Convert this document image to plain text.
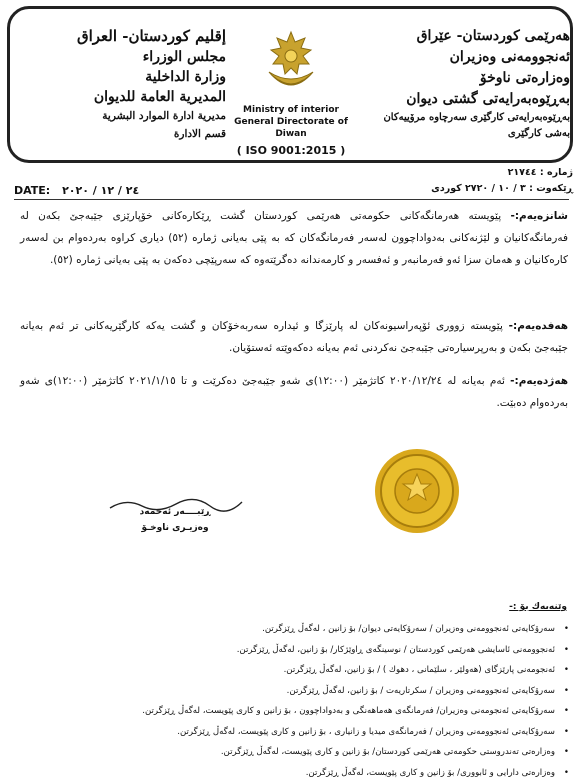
إقليم كوردستان- العراق
مجلس الوزراء
وزارة الداخلية
المديرية العامة للديوان
مديرية ادارة الموارد البشرية
قسم الادارة
Ministry of interior
General Directorate of Diwan
( ISO 9001:2015 )
هەرێمی كوردستان- عێراق
ئەنجوومەنی وەزیران
وەزارەتی ناوخۆ
بەڕێوەبەرایەتی گشتی دیوان
بەڕێوەبەرایەتی كارگێری سەرچاوە مرۆییەكان
بەشی كارگێری
ژمارە : ٢١٧٤٤
ڕێکەوت : ٣ / ١٠ / ٢٧٢٠ كوردى
DATE: ٢٤ / ١٢ / ٢٠٢٠
شانزەیەم:- پێویستە هەرمانگەكانی حكومەتی هەرێمی كوردستان گشت ڕێكارەكانی خۆپارێزی جێبەجێ بكەن لە فەرمانگەكانیان و لێژنەكانی بەدواداچوون لەسەر فەرمانگەكان كە بە پێی بەیانی ژمارە (٥٢) دیاری كراوە بەردەوام بن لەسەر كارەكانیان و هەمان سزا ئەو فەرمانبەر و ئەفسەر و كارمەندانە دەگرێتەوە كە سەرپێچی دەكەن بە پێی بەیانی ژمارە (٥٢).
هەفدەیەم:- پێویستە زووری ئۆپەراسیونەكان لە پارێزگا و ئیدارە سەربەخۆكان و گشت یەكە كارگێریەكانی تر ئەم بەیانە جێبەجێ بكەن و بەرپرسیارەتی جێبەجێ نەكردنی ئەم بەیانە دەكەوێتە ئەستۆیان.
هەژدەیەم:- ئەم بەیانە لە ٢٠٢٠/١٢/٢٤ كاتژمێر (١٢:٠٠)ی شەو جێبەجێ دەكرێت و تا ٢٠٢١/١/١٥ كاتژمێر (١٢:٠٠)ی شەو بەردەوام دەبێت.
ڕێبــــەر ئەحمەد
وەزیـری ناوخـۆ
وێنەیەك بۆ :-
•
سەرۆكایەتی ئەنجوومەنی وەزیران / سەرۆكایەتی دیوان/ بۆ زانین ، لەگەڵ ڕێزگرتن.
•
ئەنجوومەنی ئاسایشی هەرێمی كوردستان / نوسینگەی ڕاوێژكار/ بۆ زانین، لەگەڵ ڕێزگرتن.
•
ئەنجومەنی پارێزگای (هەولێر ، سلێمانی ، دهوك ) / بۆ زانین، لەگەڵ ڕێزگرتن.
•
سەرۆكایەتی ئەنجوومەنی وەزیران / سكرتاریەت / بۆ زانین، لەگەڵ ڕێزگرتن.
•
سەرۆكایەتی ئەنجومەنی وەزیران/ فەرمانگەی هەماهەنگی و بەدواداچوون ، بۆ زانین و كاری پێویست، لەگەڵ ڕێزگرتن.
•
سەرۆكایەتی ئەنجوومەنی وەزیران / فەرمانگەی میدیا و زانیاری ، بۆ زانین و كاری پێویست، لەگەڵ ڕێزگرتن.
•
وەزارەتی تەندروستی حكومەتی هەرێمی كوردستان/ بۆ زانین و كاری پێویست، لەگەڵ ڕێزگرتن.
•
وەزارەتی دارایی و ئابووری/ بۆ زانین و كاری پێویست، لەگەڵ ڕێزگرتن.
